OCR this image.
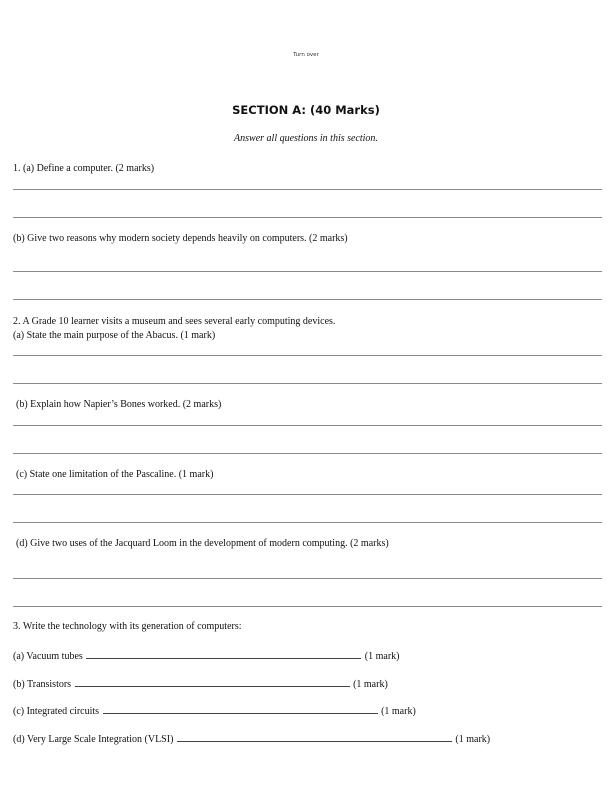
Turn over
SECTION A: (40 Marks)
Answer all questions in this section.
1. (a) Define a computer. (2 marks)
(b) Give two reasons why modern society depends heavily on computers. (2 marks)
2. A Grade 10 learner visits a museum and sees several early computing devices.
(a) State the main purpose of the Abacus. (1 mark)
(b) Explain how Napier’s Bones worked. (2 marks)
(c) State one limitation of the Pascaline. (1 mark)
(d) Give two uses of the Jacquard Loom in the development of modern computing. (2 marks)
3. Write the technology with its generation of computers:
(a) Vacuum tubes	(1 mark)
(b) Transistors	(1 mark)
(c) Integrated circuits	(1 mark)
(d) Very Large Scale Integration (VLSI)	(1 mark)
